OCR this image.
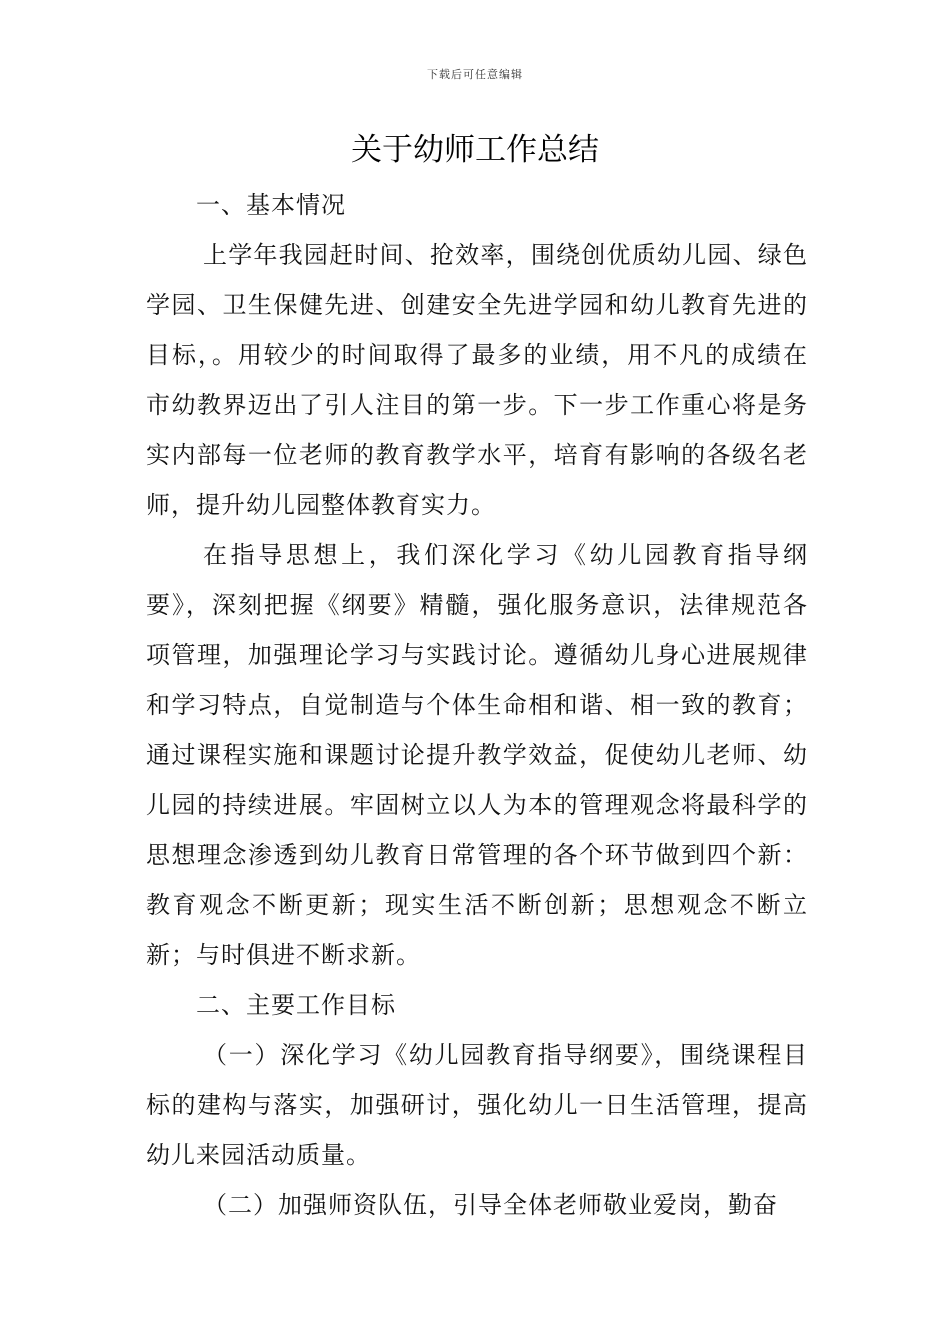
下载后可任意编辑
关于幼师工作总结

一、基本情况

上学年我园赶时间、抢效率，围绕创优质幼儿园、绿色学园、卫生保健先进、创建安全先进学园和幼儿教育先进的目标，。用较少的时间取得了最多的业绩，用不凡的成绩在市幼教界迈出了引人注目的第一步。下一步工作重心将是务实内部每一位老师的教育教学水平，培育有影响的各级名老师，提升幼儿园整体教育实力。

在指导思想上，我们深化学习《幼儿园教育指导纲要》，深刻把握《纲要》精髓，强化服务意识，法律规范各项管理，加强理论学习与实践讨论。遵循幼儿身心进展规律和学习特点，自觉制造与个体生命相和谐、相一致的教育；通过课程实施和课题讨论提升教学效益，促使幼儿老师、幼儿园的持续进展。牢固树立以人为本的管理观念将最科学的思想理念渗透到幼儿教育日常管理的各个环节做到四个新：教育观念不断更新；现实生活不断创新；思想观念不断立新；与时俱进不断求新。

二、主要工作目标

（一）深化学习《幼儿园教育指导纲要》，围绕课程目标的建构与落实，加强研讨，强化幼儿一日生活管理，提高幼儿来园活动质量。

（二）加强师资队伍，引导全体老师敬业爱岗，勤奋
